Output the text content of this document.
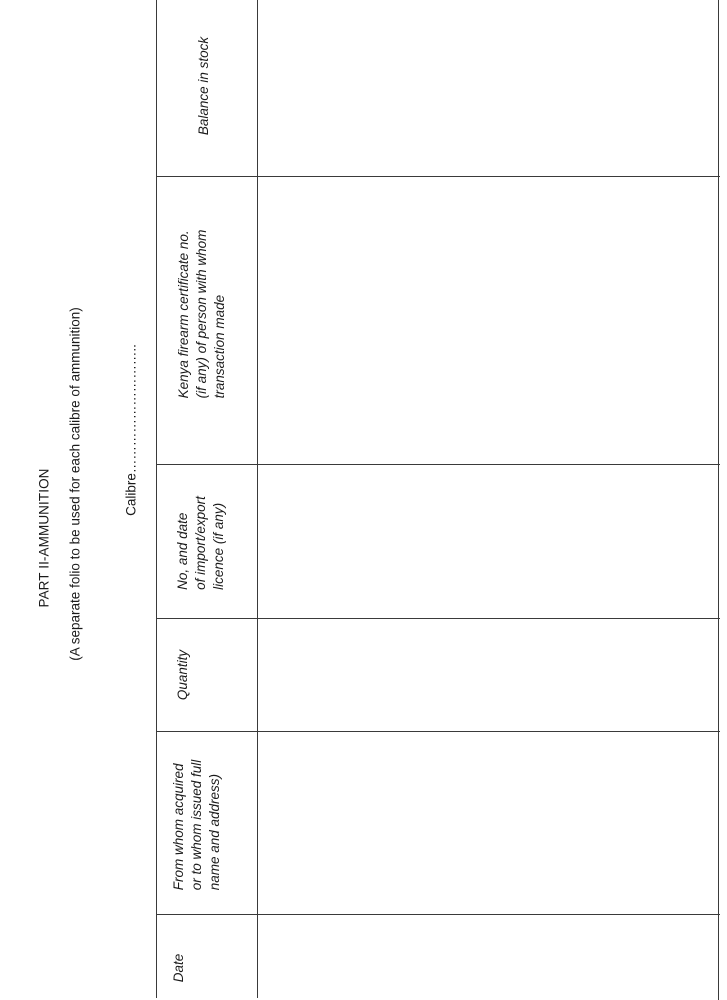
PART II-AMMUNITION (A separate folio to be used for each calibre of ammunition)	Calibre………………………..
Balance in stock
Kenya firearm certificate no.
(if any) of person with whom
transaction made
No, and date
of import/export
licence (if any)
Quantity
From whom acquired
or to whom issued full
name and address)
Date
